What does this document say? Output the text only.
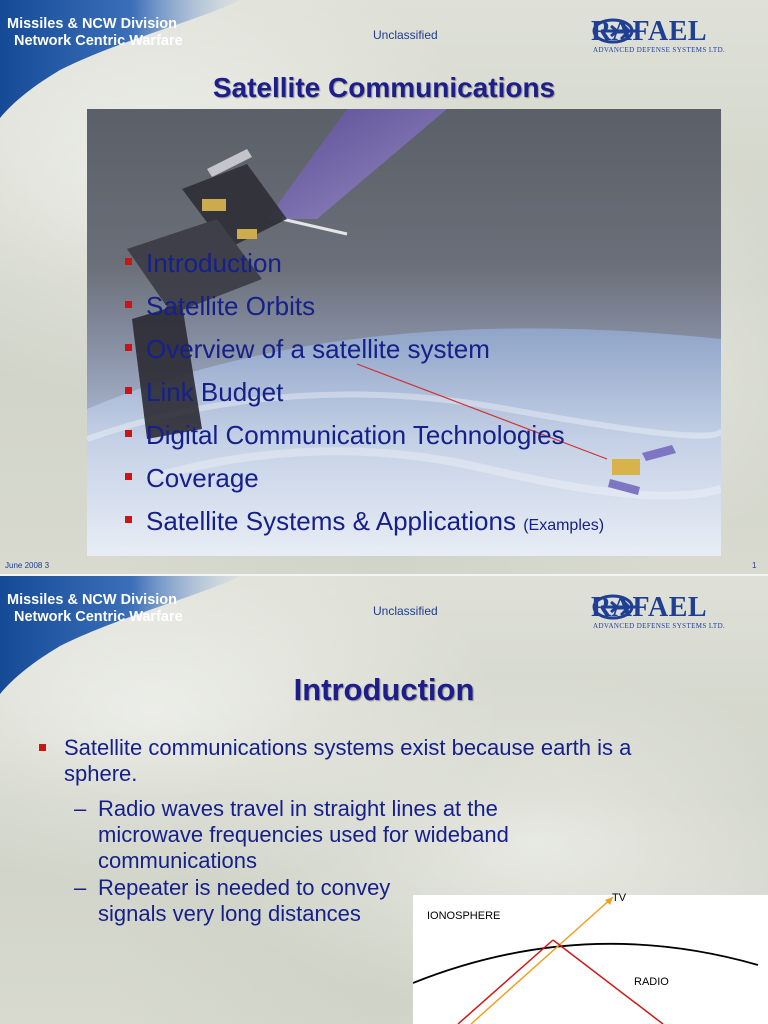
Missiles & NCW Division
Network Centric Warfare	Unclassified	RAFAEL
ADVANCED DEFENSE SYSTEMS LTD.
Satellite Communications
Introduction
Satellite Orbits
Overview of a satellite system
Link Budget
Digital Communication Technologies
Coverage
Satellite Systems & Applications (Examples)
June 2008 3	1
Missiles & NCW Division
Network Centric Warfare	Unclassified	RAFAEL
ADVANCED DEFENSE SYSTEMS LTD.
Introduction
Satellite communications systems exist because earth is a sphere.
– Radio waves travel in straight lines at the microwave frequencies used for wideband communications
– Repeater is needed to convey signals very long distances
TV
IONOSPHERE
RADIO
